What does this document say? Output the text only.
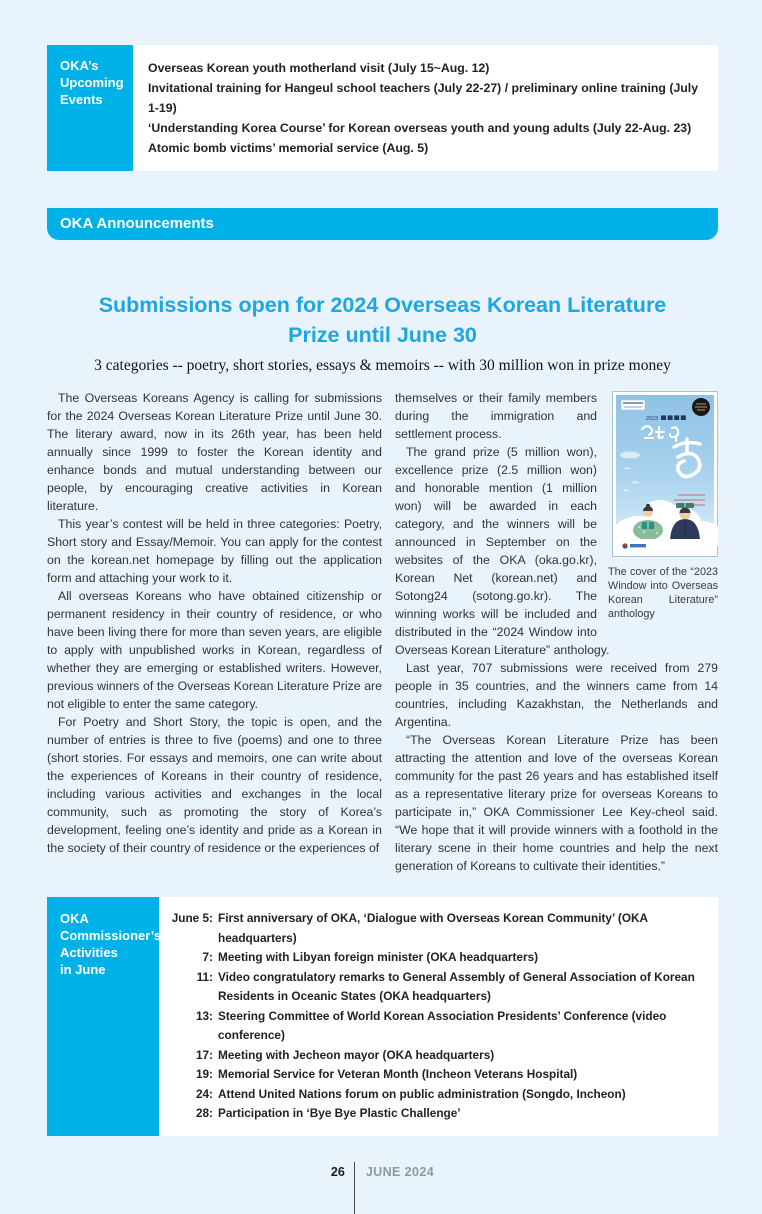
OKA’s
Upcoming
Events
Overseas Korean youth motherland visit (July 15~Aug. 12)
Invitational training for Hangeul school teachers (July 22-27) / preliminary online training (July 1-19)
‘Understanding Korea Course’ for Korean overseas youth and young adults (July 22-Aug. 23)
Atomic bomb victims’ memorial service (Aug. 5)
OKA Announcements
Submissions open for 2024 Overseas Korean Literature
Prize until June 30

3 categories -- poetry, short stories, essays & memoirs -- with 30 million won in prize money

The Overseas Koreans Agency is calling for submissions for the 2024 Overseas Korean Literature Prize until June 30. The literary award, now in its 26th year, has been held annually since 1999 to foster the Korean identity and enhance bonds and mutual understanding between our people, by encouraging creative activities in Korean literature.

This year’s contest will be held in three categories: Poetry, Short story and Essay/Memoir. You can apply for the contest on the korean.net homepage by filling out the application form and attaching your work to it.

All overseas Koreans who have obtained citizenship or permanent residency in their country of residence, or who have been living there for more than seven years, are eligible to apply with unpublished works in Korean, regardless of whether they are emerging or established writers. However, previous winners of the Overseas Korean Literature Prize are not eligible to enter the same category.

For Poetry and Short Story, the topic is open, and the number of entries is three to five (poems) and one to three (short stories. For essays and memoirs, one can write about the experiences of Koreans in their country of residence, including various activities and exchanges in the local community, such as promoting the story of Korea’s development, feeling one’s identity and pride as a Korean in the society of their country of residence or the experiences of

2023
The cover of the “2023 Window into Overseas Korean Literature” anthology

themselves or their family members during the immigration and settlement process.

The grand prize (5 million won), excellence prize (2.5 million won) and honorable mention (1 million won) will be awarded in each category, and the winners will be announced in September on the websites of the OKA (oka.go.kr), Korean Net (korean.net) and Sotong24 (sotong.go.kr). The winning works will be included and distributed in the “2024 Window into Overseas Korean Literature” anthology.

Last year, 707 submissions were received from 279 people in 35 countries, and the winners came from 14 countries, including Kazakhstan, the Netherlands and Argentina.

“The Overseas Korean Literature Prize has been attracting the attention and love of the overseas Korean community for the past 26 years and has established itself as a representative literary prize for overseas Koreans to participate in,” OKA Commissioner Lee Key-cheol said. “We hope that it will provide winners with a foothold in the literary scene in their home countries and help the next generation of Koreans to cultivate their identities.”

OKA
Commissioner’s
Activities
in June
June 5: First anniversary of OKA, ‘Dialogue with Overseas Korean Community’ (OKA headquarters)
7: Meeting with Libyan foreign minister (OKA headquarters)
11: Video congratulatory remarks to General Assembly of General Association of Korean Residents in Oceanic States (OKA headquarters)
13: Steering Committee of World Korean Association Presidents’ Conference (video conference)
17: Meeting with Jecheon mayor (OKA headquarters)
19: Memorial Service for Veteran Month (Incheon Veterans Hospital)
24: Attend United Nations forum on public administration (Songdo, Incheon)
28: Participation in ‘Bye Bye Plastic Challenge’
26 JUNE 2024
